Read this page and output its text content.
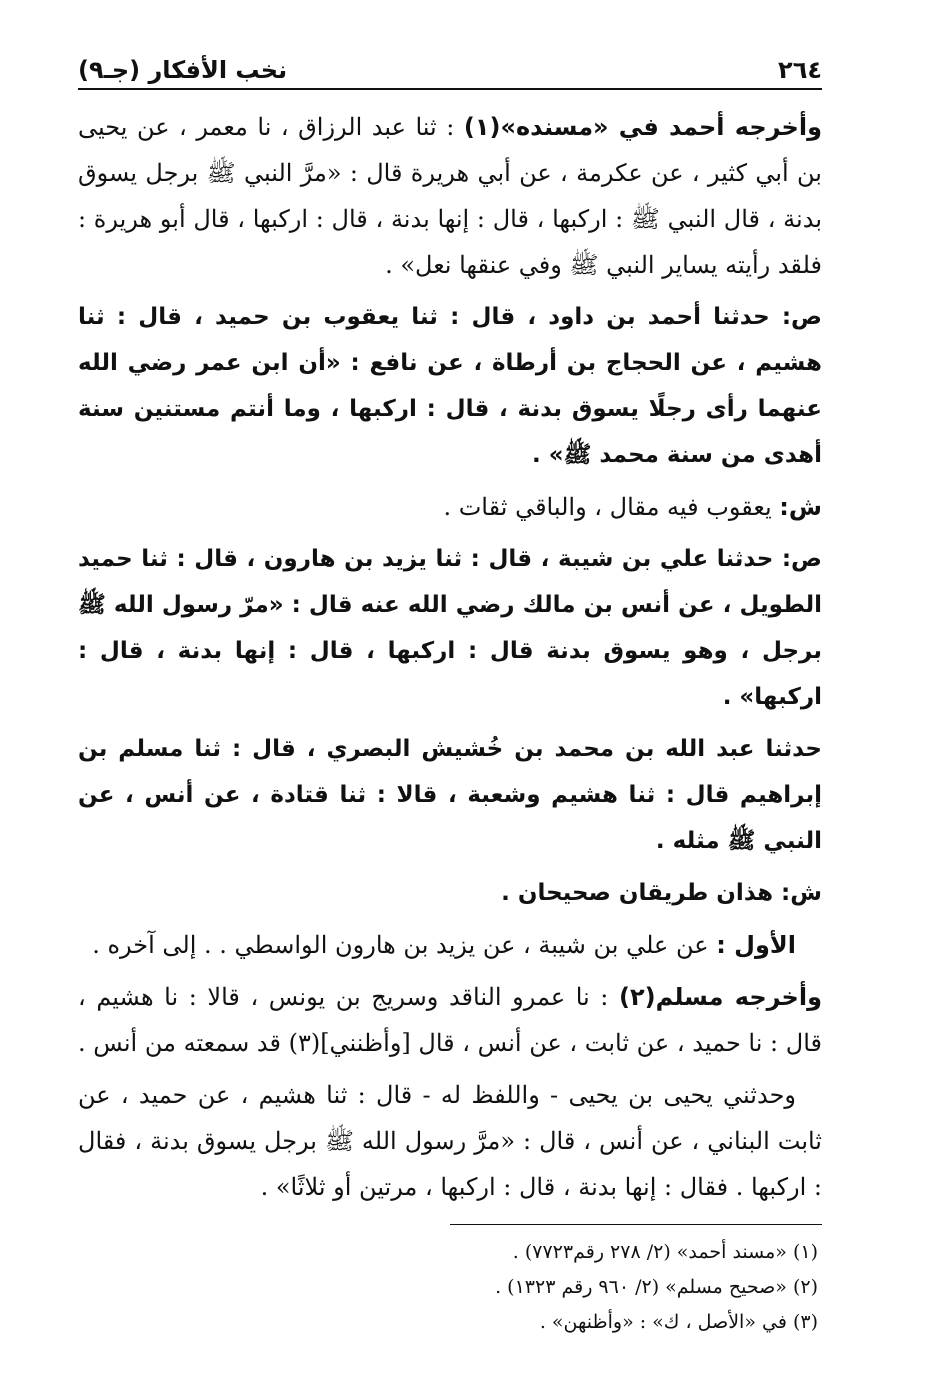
٢٦٤
نخب الأفكار (جـ٩)
وأخرجه أحمد في «مسنده»(١) : ثنا عبد الرزاق ، نا معمر ، عن يحيى بن أبي كثير ، عن عكرمة ، عن أبي هريرة قال : «مرَّ النبي ﷺ برجل يسوق بدنة ، قال النبي ﷺ : اركبها ، قال : إنها بدنة ، قال : اركبها ، قال أبو هريرة : فلقد رأيته يساير النبي ﷺ وفي عنقها نعل» .
ص: حدثنا أحمد بن داود ، قال : ثنا يعقوب بن حميد ، قال : ثنا هشيم ، عن الحجاج بن أرطاة ، عن نافع : «أن ابن عمر رضي الله عنهما رأى رجلًا يسوق بدنة ، قال : اركبها ، وما أنتم مستنين سنة أهدى من سنة محمد ﷺ» .
ش: يعقوب فيه مقال ، والباقي ثقات .
ص: حدثنا علي بن شيبة ، قال : ثنا يزيد بن هارون ، قال : ثنا حميد الطويل ، عن أنس بن مالك رضي الله عنه قال : «مرّ رسول الله ﷺ برجل ، وهو يسوق بدنة قال : اركبها ، قال : إنها بدنة ، قال : اركبها» .
حدثنا عبد الله بن محمد بن خُشيش البصري ، قال : ثنا مسلم بن إبراهيم قال : ثنا هشيم وشعبة ، قالا : ثنا قتادة ، عن أنس ، عن النبي ﷺ مثله .
ش: هذان طريقان صحيحان .
الأول : عن علي بن شيبة ، عن يزيد بن هارون الواسطي . . إلى آخره .
وأخرجه مسلم(٢) : نا عمرو الناقد وسريج بن يونس ، قالا : نا هشيم ، قال : نا حميد ، عن ثابت ، عن أنس ، قال [وأظنني](٣) قد سمعته من أنس .
وحدثني يحيى بن يحيى - واللفظ له - قال : ثنا هشيم ، عن حميد ، عن ثابت البناني ، عن أنس ، قال : «مرَّ رسول الله ﷺ برجل يسوق بدنة ، فقال : اركبها . فقال : إنها بدنة ، قال : اركبها ، مرتين أو ثلاثًا» .
(١) «مسند أحمد» (٢/ ٢٧٨ رقم٧٧٢٣) .
(٢) «صحيح مسلم» (٢/ ٩٦٠ رقم ١٣٢٣) .
(٣) في «الأصل ، ك» : «وأظنهن» .
